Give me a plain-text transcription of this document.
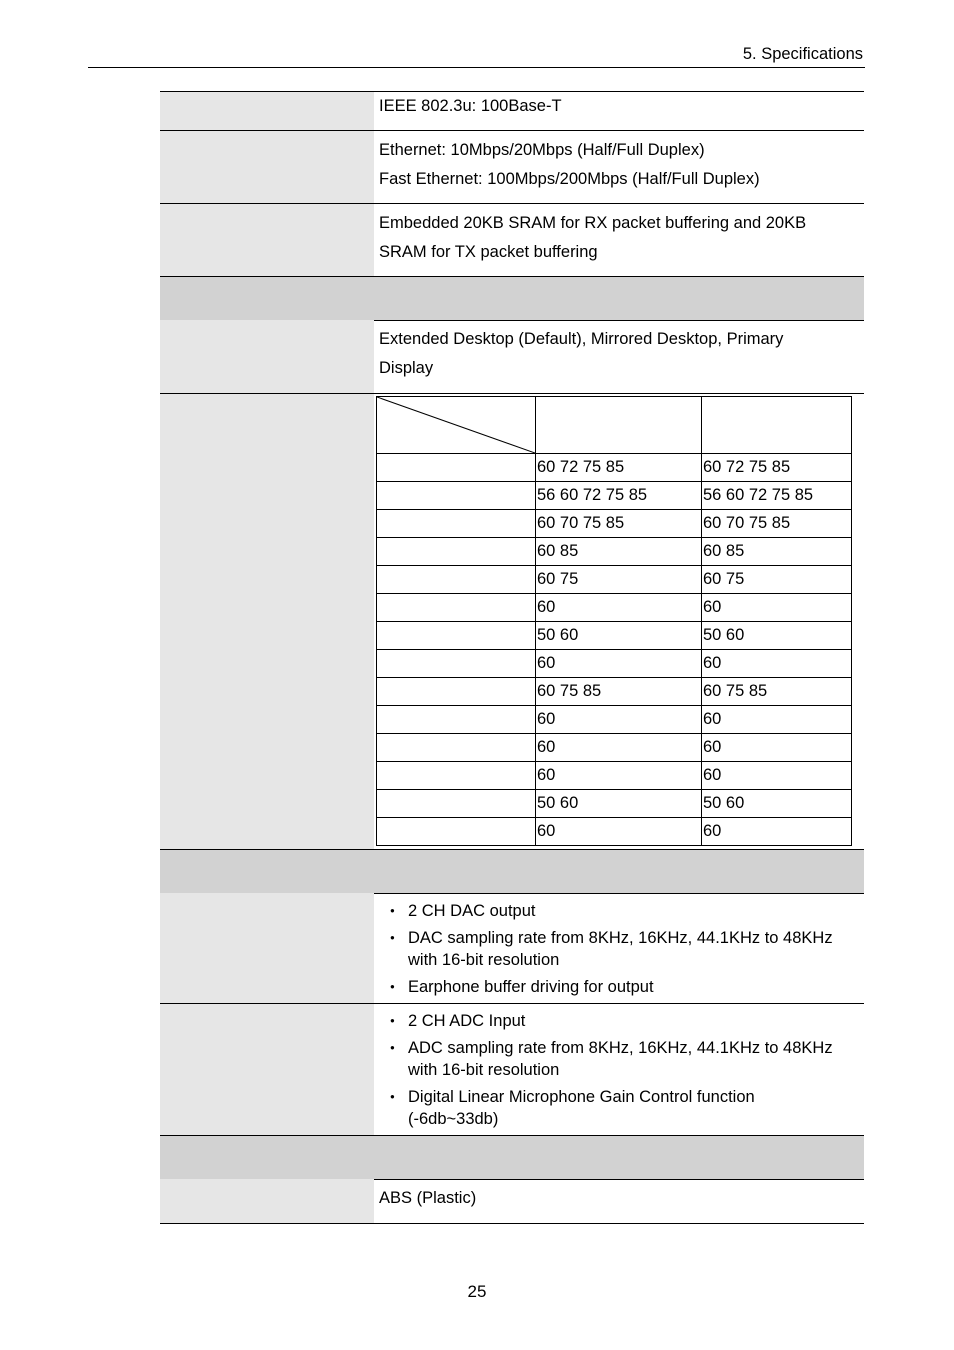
5. Specifications
IEEE 802.3u: 100Base-T
Ethernet: 10Mbps/20Mbps (Half/Full Duplex)
Fast Ethernet: 100Mbps/200Mbps (Half/Full Duplex)
Embedded 20KB SRAM for RX packet buffering and 20KB
SRAM for TX packet buffering
Extended Desktop (Default), Mirrored Desktop, Primary
Display

	60 72 75 85	60 72 75 85
	56 60 72 75 85	56 60 72 75 85
	60 70 75 85	60 70 75 85
	60 85	60 85
	60 75	60 75
	60	60
	50 60	50 60
	60	60
	60 75 85	60 75 85
	60	60
	60	60
	60	60
	50 60	50 60
	60	60
● 2 CH DAC output
● DAC sampling rate from 8KHz, 16KHz, 44.1KHz to 48KHz
with 16-bit resolution
● Earphone buffer driving for output
● 2 CH ADC Input
● ADC sampling rate from 8KHz, 16KHz, 44.1KHz to 48KHz
with 16-bit resolution
● Digital Linear Microphone Gain Control function
(-6db~33db)
ABS (Plastic)
25
